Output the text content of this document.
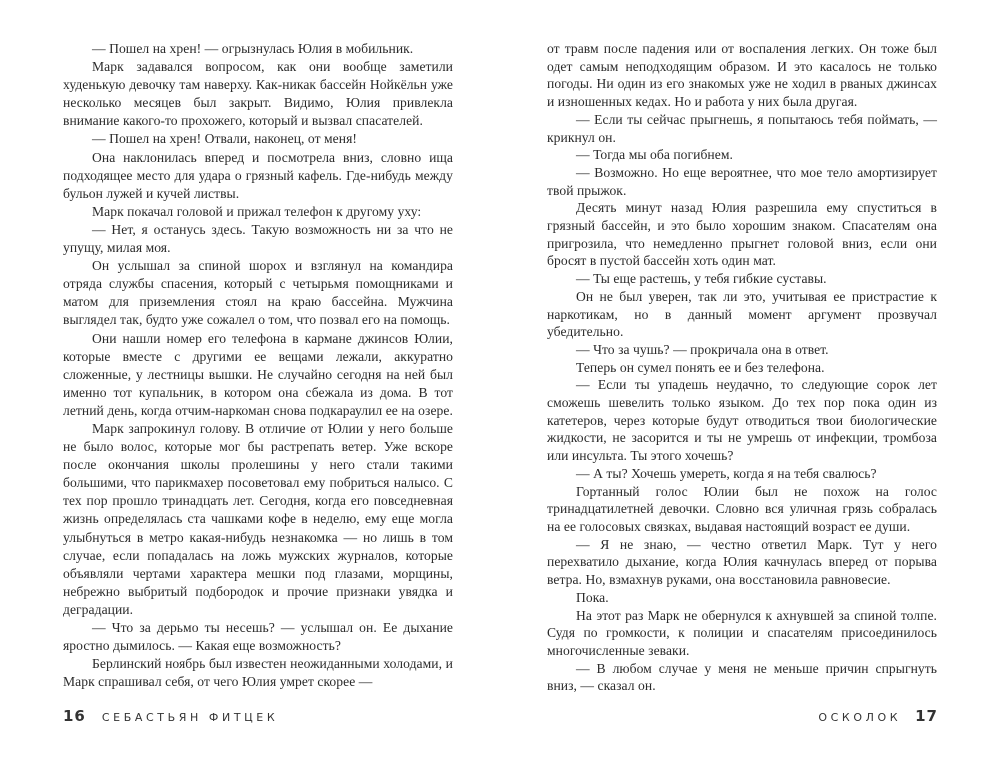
— Пошел на хрен! — огрызнулась Юлия в мобильник.

Марк задавался вопросом, как они вообще заметили худенькую девочку там наверху. Как-никак бассейн Нойкёльн уже несколько месяцев был закрыт. Видимо, Юлия привлекла внимание какого-то прохожего, который и вызвал спасателей.

— Пошел на хрен! Отвали, наконец, от меня!

Она наклонилась вперед и посмотрела вниз, словно ища подходящее место для удара о грязный кафель. Где-нибудь между бульон лужей и кучей листвы.

Марк покачал головой и прижал телефон к другому уху:

— Нет, я останусь здесь. Такую возможность ни за что не упущу, милая моя.

Он услышал за спиной шорох и взглянул на командира отряда службы спасения, который с четырьмя помощниками и матом для приземления стоял на краю бассейна. Мужчина выглядел так, будто уже сожалел о том, что позвал его на помощь.

Они нашли номер его телефона в кармане джинсов Юлии, которые вместе с другими ее вещами лежали, аккуратно сложенные, у лестницы вышки. Не случайно сегодня на ней был именно тот купальник, в котором она сбежала из дома. В тот летний день, когда отчим-наркоман снова подкараулил ее на озере.

Марк запрокинул голову. В отличие от Юлии у него больше не было волос, которые мог бы растрепать ветер. Уже вскоре после окончания школы пролешины у него стали такими большими, что парикмахер посоветовал ему побриться налысо. С тех пор прошло тринадцать лет. Сегодня, когда его повседневная жизнь определялась ста чашками кофе в неделю, ему еще могла улыбнуться в метро какая-нибудь незнакомка — но лишь в том случае, если попадалась на ложь мужских журналов, которые объявляли чертами характера мешки под глазами, морщины, небрежно выбритый подбородок и прочие признаки увядка и деградации.

— Что за дерьмо ты несешь? — услышал он. Ее дыхание яростно дымилось. — Какая еще возможность?

Берлинский ноябрь был известен неожиданными холодами, и Марк спрашивал себя, от чего Юлия умрет скорее —

от травм после падения или от воспаления легких. Он тоже был одет самым неподходящим образом. И это касалось не только погоды. Ни один из его знакомых уже не ходил в рваных джинсах и изношенных кедах. Но и работа у них была другая.

— Если ты сейчас прыгнешь, я попытаюсь тебя поймать, — крикнул он.

— Тогда мы оба погибнем.

— Возможно. Но еще вероятнее, что мое тело амортизирует твой прыжок.

Десять минут назад Юлия разрешила ему спуститься в грязный бассейн, и это было хорошим знаком. Спасателям она пригрозила, что немедленно прыгнет головой вниз, если они бросят в пустой бассейн хоть один мат.

— Ты еще растешь, у тебя гибкие суставы.

Он не был уверен, так ли это, учитывая ее пристрастие к наркотикам, но в данный момент аргумент прозвучал убедительно.

— Что за чушь? — прокричала она в ответ.

Теперь он сумел понять ее и без телефона.

— Если ты упадешь неудачно, то следующие сорок лет сможешь шевелить только языком. До тех пор пока один из катетеров, через которые будут отводиться твои биологические жидкости, не засорится и ты не умрешь от инфекции, тромбоза или инсульта. Ты этого хочешь?

— А ты? Хочешь умереть, когда я на тебя свалюсь?

Гортанный голос Юлии был не похож на голос тринадцатилетней девочки. Словно вся уличная грязь собралась на ее голосовых связках, выдавая настоящий возраст ее души.

— Я не знаю, — честно ответил Марк. Тут у него перехватило дыхание, когда Юлия качнулась вперед от порыва ветра. Но, взмахнув руками, она восстановила равновесие.

Пока.

На этот раз Марк не обернулся к ахнувшей за спиной толпе. Судя по громкости, к полиции и спасателям присоединилось многочисленные зеваки.

— В любом случае у меня не меньше причин спрыгнуть вниз, — сказал он.

16 СЕБАСТЬЯН ФИТЦЕК	ОСКОЛОК 17
